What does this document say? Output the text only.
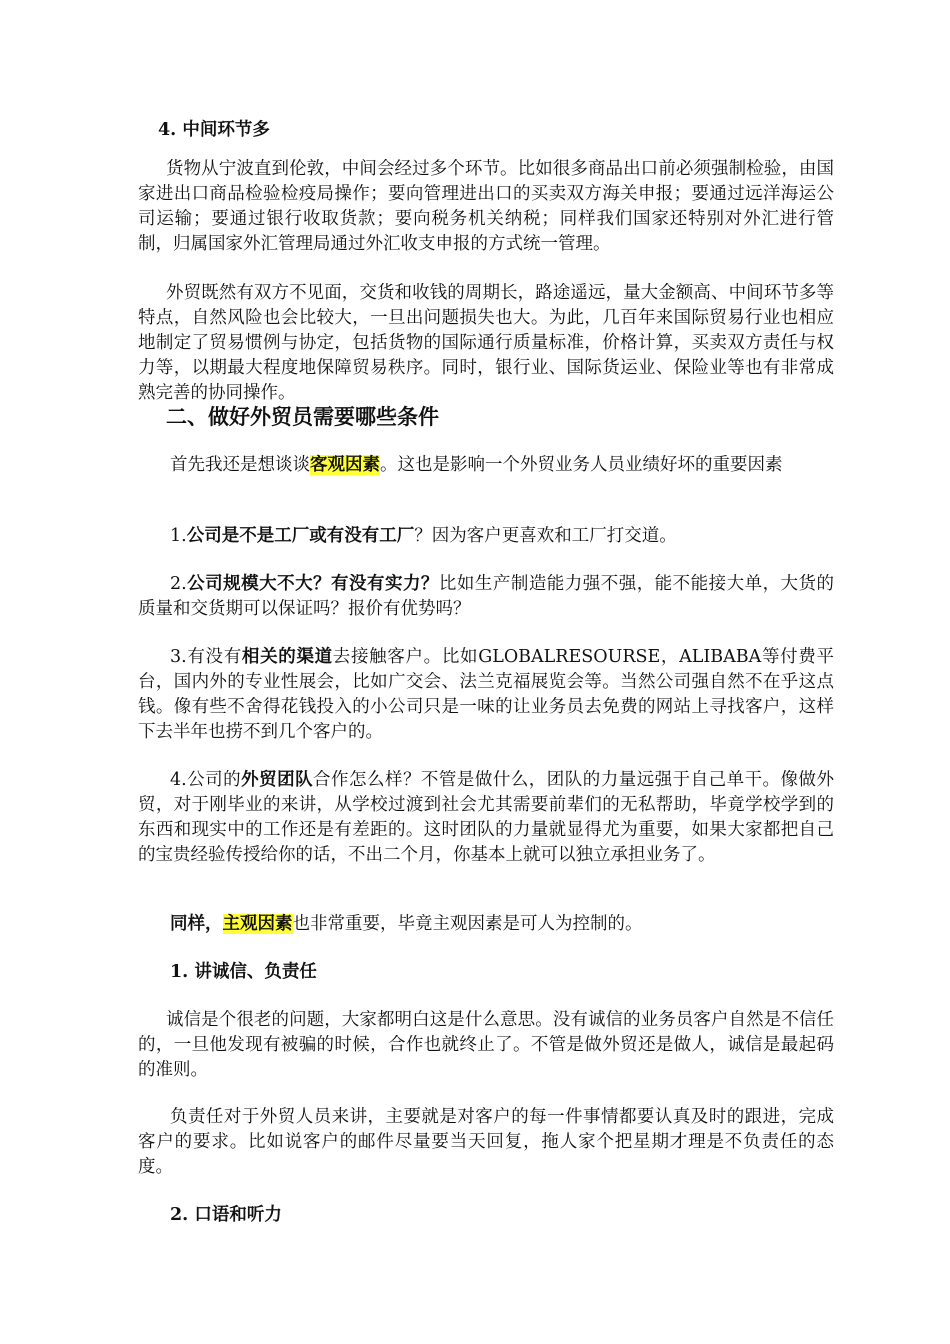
4. 中间环节多

货物从宁波直到伦敦，中间会经过多个环节。比如很多商品出口前必须强制检验，由国家进出口商品检验检疫局操作；要向管理进出口的买卖双方海关申报；要通过远洋海运公司运输；要通过银行收取货款；要向税务机关纳税；同样我们国家还特别对外汇进行管制，归属国家外汇管理局通过外汇收支申报的方式统一管理。

外贸既然有双方不见面，交货和收钱的周期长，路途遥远，量大金额高、中间环节多等特点，自然风险也会比较大，一旦出问题损失也大。为此，几百年来国际贸易行业也相应地制定了贸易惯例与协定，包括货物的国际通行质量标准，价格计算，买卖双方责任与权力等，以期最大程度地保障贸易秩序。同时，银行业、国际货运业、保险业等也有非常成熟完善的协同操作。

二、做好外贸员需要哪些条件

首先我还是想谈谈客观因素。这也是影响一个外贸业务人员业绩好坏的重要因素

1.公司是不是工厂或有没有工厂？因为客户更喜欢和工厂打交道。

2.公司规模大不大？有没有实力？比如生产制造能力强不强，能不能接大单，大货的质量和交货期可以保证吗？报价有优势吗？

3.有没有相关的渠道去接触客户。比如GLOBALRESOURSE，ALIBABA等付费平台，国内外的专业性展会，比如广交会、法兰克福展览会等。当然公司强自然不在乎这点钱。像有些不舍得花钱投入的小公司只是一味的让业务员去免费的网站上寻找客户，这样下去半年也捞不到几个客户的。

4.公司的外贸团队合作怎么样？不管是做什么，团队的力量远强于自己单干。像做外贸，对于刚毕业的来讲，从学校过渡到社会尤其需要前辈们的无私帮助，毕竟学校学到的东西和现实中的工作还是有差距的。这时团队的力量就显得尤为重要，如果大家都把自己的宝贵经验传授给你的话，不出二个月，你基本上就可以独立承担业务了。

同样，主观因素也非常重要，毕竟主观因素是可人为控制的。

1. 讲诚信、负责任

诚信是个很老的问题，大家都明白这是什么意思。没有诚信的业务员客户自然是不信任的，一旦他发现有被骗的时候，合作也就终止了。不管是做外贸还是做人，诚信是最起码的准则。

负责任对于外贸人员来讲，主要就是对客户的每一件事情都要认真及时的跟进，完成客户的要求。比如说客户的邮件尽量要当天回复，拖人家个把星期才理是不负责任的态度。

2. 口语和听力
